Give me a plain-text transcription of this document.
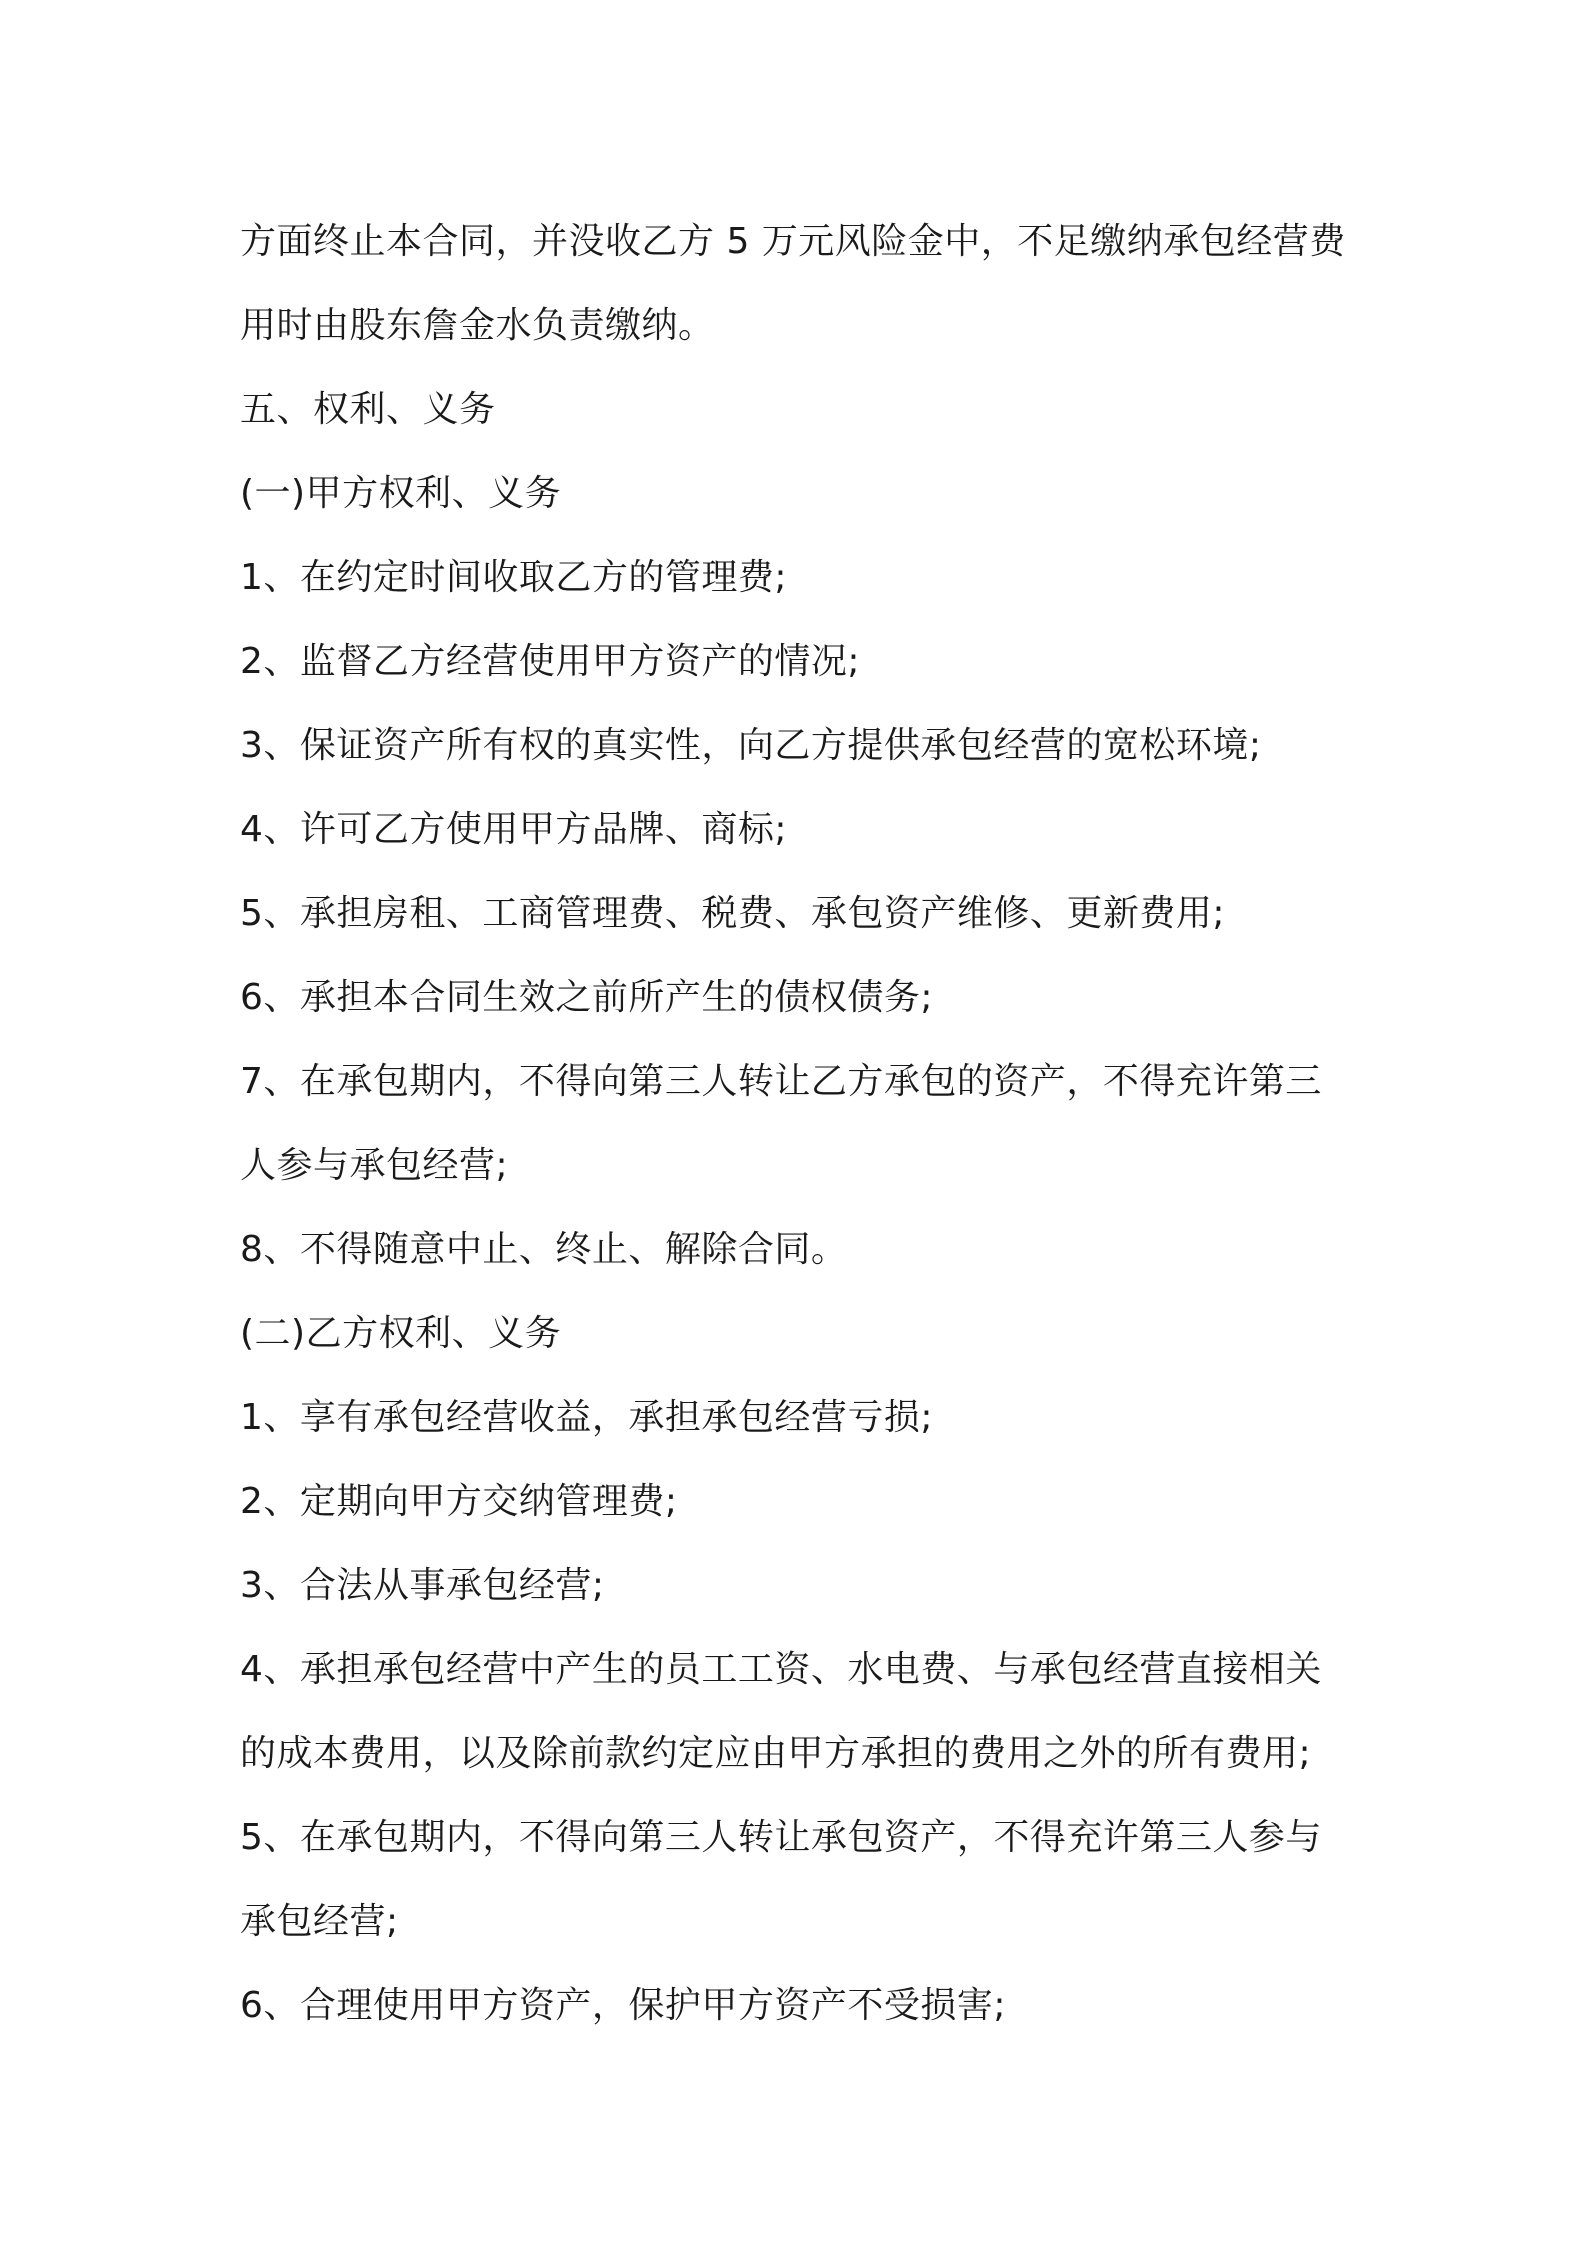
方面终止本合同，并没收乙方 5 万元风险金中，不足缴纳承包经营费
用时由股东詹金水负责缴纳。
五、权利、义务
(一)甲方权利、义务
1、在约定时间收取乙方的管理费;
2、监督乙方经营使用甲方资产的情况;
3、保证资产所有权的真实性，向乙方提供承包经营的宽松环境;
4、许可乙方使用甲方品牌、商标;
5、承担房租、工商管理费、税费、承包资产维修、更新费用;
6、承担本合同生效之前所产生的债权债务;
7、在承包期内，不得向第三人转让乙方承包的资产，不得充许第三
人参与承包经营;
8、不得随意中止、终止、解除合同。
(二)乙方权利、义务
1、享有承包经营收益，承担承包经营亏损;
2、定期向甲方交纳管理费;
3、合法从事承包经营;
4、承担承包经营中产生的员工工资、水电费、与承包经营直接相关
的成本费用，以及除前款约定应由甲方承担的费用之外的所有费用;
5、在承包期内，不得向第三人转让承包资产，不得充许第三人参与
承包经营;
6、合理使用甲方资产，保护甲方资产不受损害;
